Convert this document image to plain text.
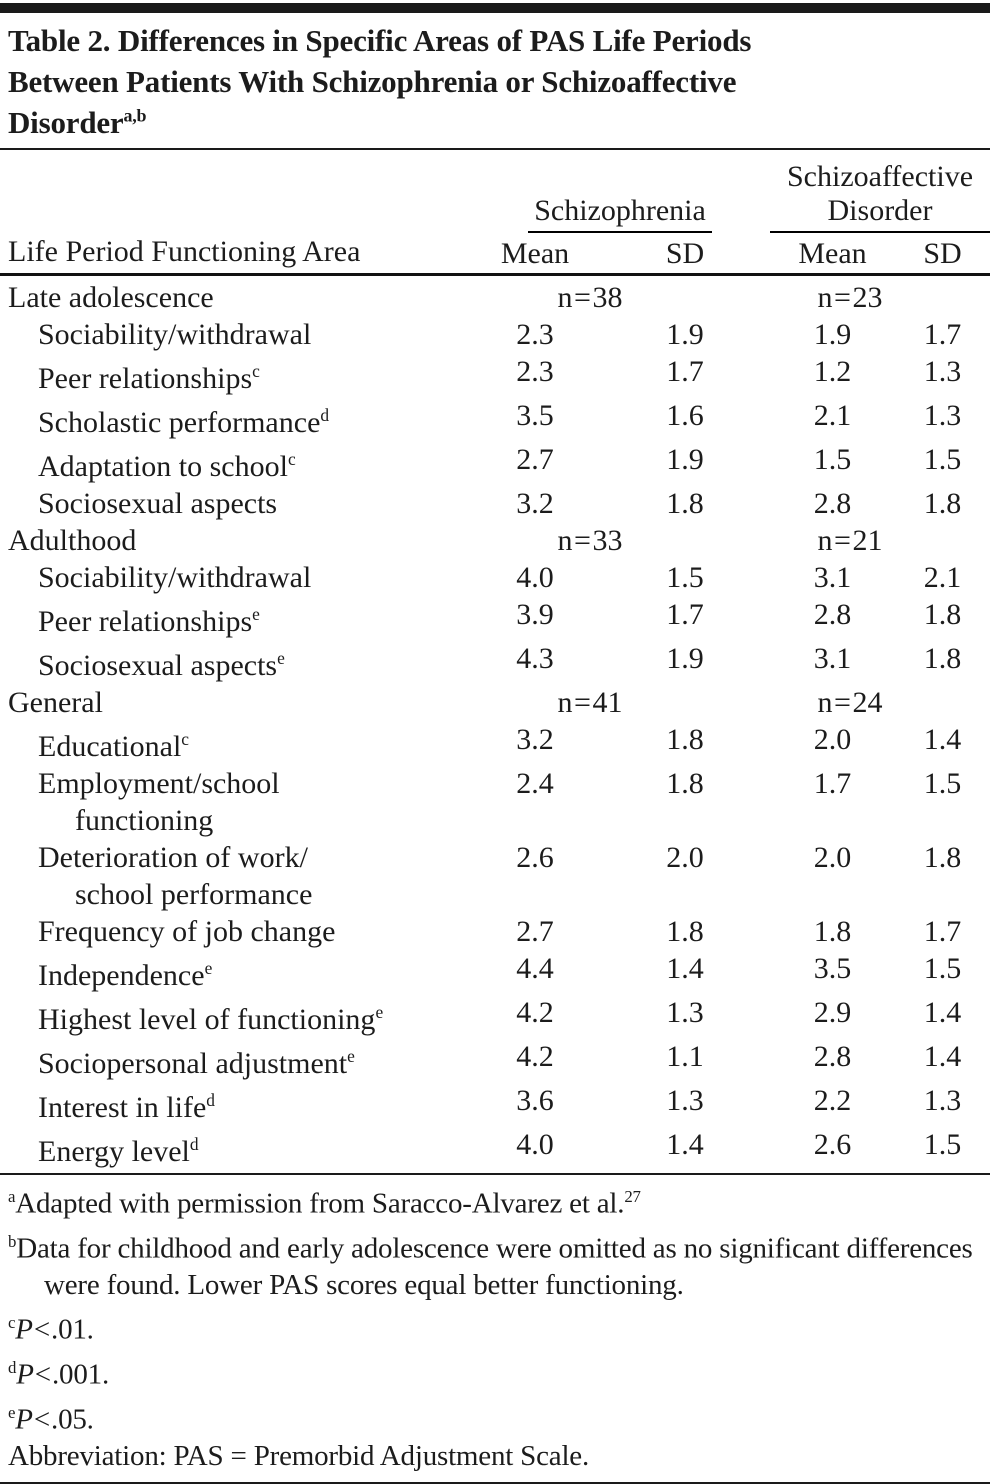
Table 2. Differences in Specific Areas of PAS Life Periods
Between Patients With Schizophrenia or Schizoaffective
Disorder$^{a,b}$
Life Period Functioning Area	Schizophrenia		Schizoaffective Disorder	
	Mean	SD	Mean	SD
Late adolescence	n = 38		n = 23	
Sociability/withdrawal	2.3	1.9	1.9	1.7
Peer relationships$^c$	2.3	1.7	1.2	1.3
Scholastic performance$^d$	3.5	1.6	2.1	1.3
Adaptation to school$^c$	2.7	1.9	1.5	1.5
Sociosexual aspects	3.2	1.8	2.8	1.8
Adulthood	n = 33		n = 21	
Sociability/withdrawal	4.0	1.5	3.1	2.1
Peer relationships$^e$	3.9	1.7	2.8	1.8
Sociosexual aspects$^e$	4.3	1.9	3.1	1.8
General	n = 41		n = 24	
Educational$^c$	3.2	1.8	2.0	1.4
Employment/school
functioning	2.4	1.8	1.7	1.5
Deterioration of work/
school performance	2.6	2.0	2.0	1.8
Frequency of job change	2.7	1.8	1.8	1.7
Independence$^e$	4.4	1.4	3.5	1.5
Highest level of functioning$^e$	4.2	1.3	2.9	1.4
Sociopersonal adjustment$^e$	4.2	1.1	2.8	1.4
Interest in life$^d$	3.6	1.3	2.2	1.3
Energy level$^d$	4.0	1.4	2.6	1.5
$^a$Adapted with permission from Saracco-Alvarez et al.$^{27}$
$^b$Data for childhood and early adolescence were omitted as no significant differences were found. Lower PAS scores equal better functioning.
$^c$P < .01.
$^d$P < .001.
$^e$P < .05.
Abbreviation: PAS = Premorbid Adjustment Scale.
